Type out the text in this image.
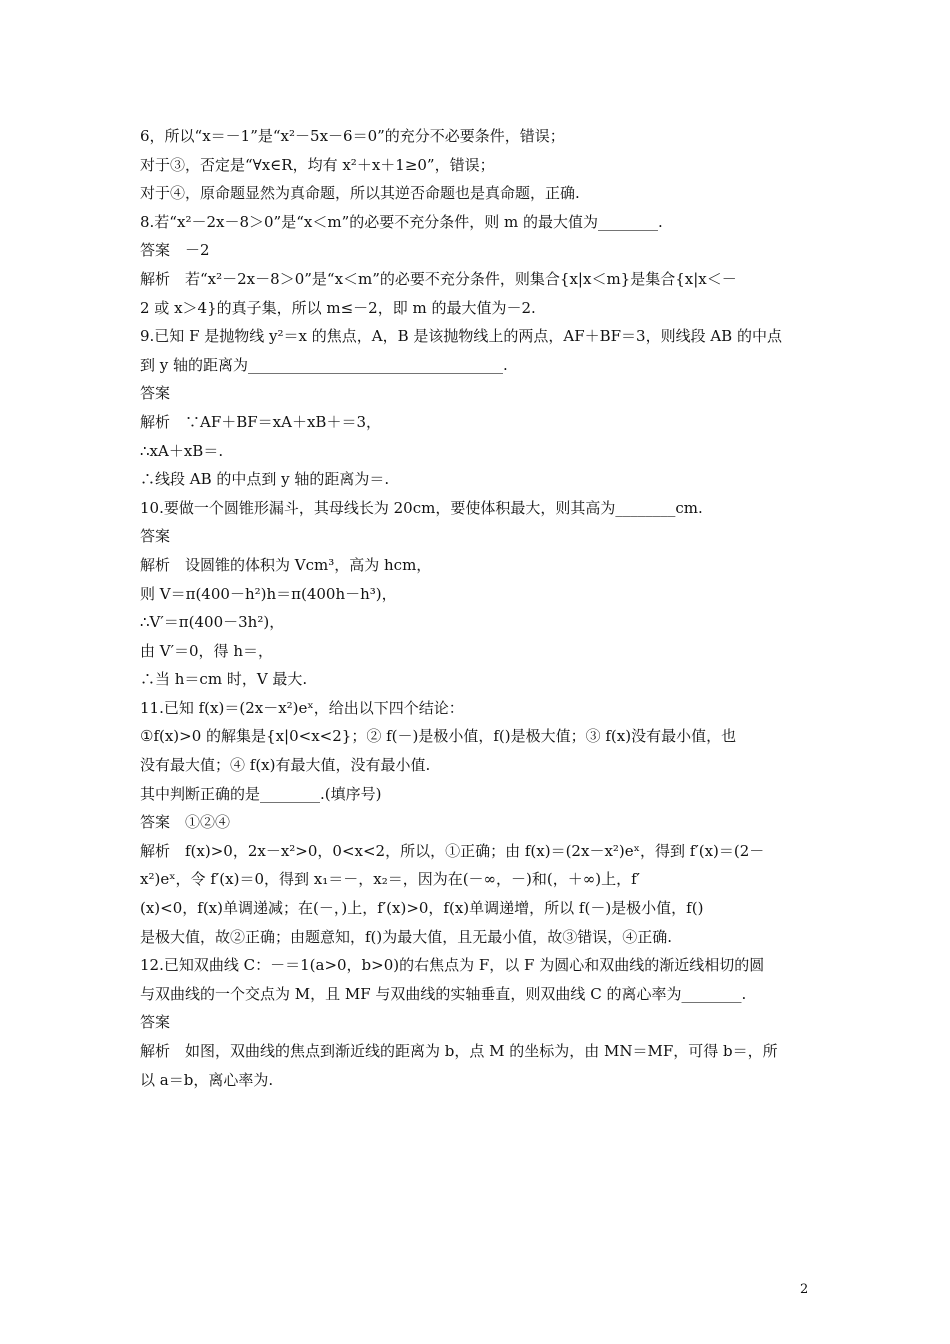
6，所以“x＝－1”是“x²－5x－6＝0”的充分不必要条件，错误；
对于③，否定是“∀x∈R，均有 x²＋x＋1≥0”，错误；
对于④，原命题显然为真命题，所以其逆否命题也是真命题，正确.
8.若“x²－2x－8＞0”是“x＜m”的必要不充分条件，则 m 的最大值为________.
答案　－2
解析　若“x²－2x－8＞0”是“x＜m”的必要不充分条件，则集合{x|x＜m}是集合{x|x＜－
2 或 x＞4}的真子集，所以 m≤－2，即 m 的最大值为－2.
9.已知 F 是抛物线 y²＝x 的焦点，A，B 是该抛物线上的两点，AF＋BF＝3，则线段 AB 的中点
到 y 轴的距离为__________________________________.
答案
解析　∵AF＋BF＝xA＋xB＋＝3，
∴xA＋xB＝.
∴线段 AB 的中点到 y 轴的距离为＝.
10.要做一个圆锥形漏斗，其母线长为 20cm，要使体积最大，则其高为________cm.
答案
解析　设圆锥的体积为 Vcm³，高为 hcm，
则 V＝π(400－h²)h＝π(400h－h³)，
∴V′＝π(400－3h²)，
由 V′＝0，得 h＝，
∴当 h＝cm 时，V 最大.
11.已知 f(x)＝(2x－x²)eˣ，给出以下四个结论：
①f(x)>0 的解集是{x|0<x<2}；② f(－)是极小值，f()是极大值；③ f(x)没有最小值，也
没有最大值；④ f(x)有最大值，没有最小值.
其中判断正确的是________.(填序号)
答案　①②④
解析　f(x)>0，2x－x²>0，0<x<2，所以，①正确；由 f(x)＝(2x－x²)eˣ，得到 f′(x)＝(2－
x²)eˣ，令 f′(x)＝0，得到 x₁＝－，x₂＝，因为在(－∞，－)和(，＋∞)上，f′
(x)<0，f(x)单调递减；在(－，)上，f′(x)>0，f(x)单调递增，所以 f(－)是极小值，f()
是极大值，故②正确；由题意知，f()为最大值，且无最小值，故③错误，④正确.
12.已知双曲线 C：－＝1(a>0，b>0)的右焦点为 F，以 F 为圆心和双曲线的渐近线相切的圆
与双曲线的一个交点为 M，且 MF 与双曲线的实轴垂直，则双曲线 C 的离心率为________.
答案
解析　如图，双曲线的焦点到渐近线的距离为 b，点 M 的坐标为，由 MN＝MF，可得 b＝，所
以 a＝b，离心率为.
2
